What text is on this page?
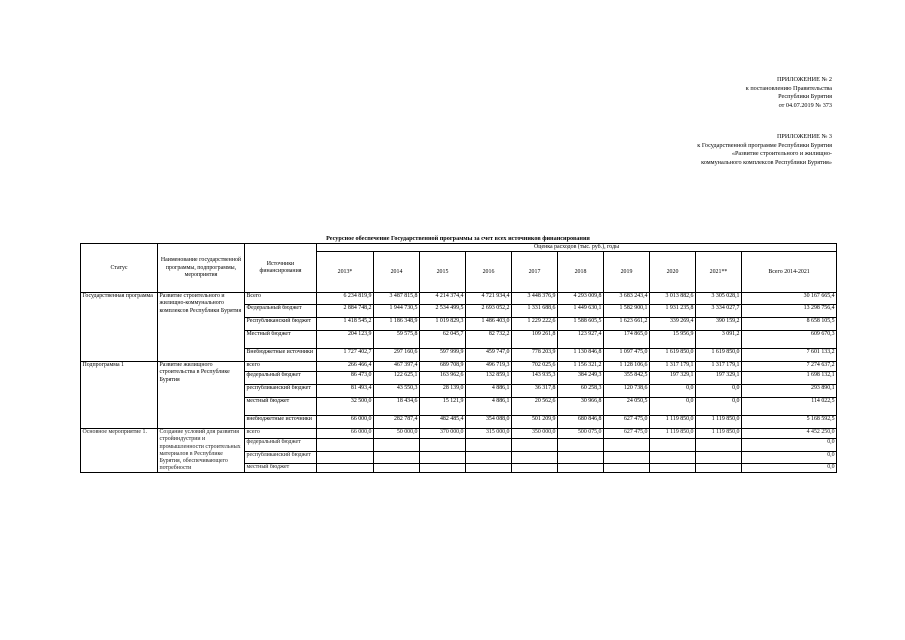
ПРИЛОЖЕНИЕ № 2
к постановлению Правительства
Республики Бурятия
от 04.07.2019 № 373
ПРИЛОЖЕНИЕ № 3
к Государственной программе Республики Бурятия
«Развитие строительного и жилищно-
коммунального комплексов Республики Бурятия»
Ресурсное обеспечение Государственной программы за счет всех источников финансирования
Статус	Наименование государственной программы, подпрограммы, мероприятия	Источники финансирования	Оценка расходов (тыс. руб.), годы									
			2013*	2014	2015	2016	2017	2018	2019	2020	2021**	Всего 2014-2021
Государственная программа	Развитие строительного и жилищно-коммунального комплексов Республики Бурятия	Всего	6 234 819,9	3 487 815,8	4 214 374,4	4 721 934,4	3 448 376,9	4 293 009,8	3 683 243,4	3 013 882,6	3 305 028,1	30 167 665,4
		Федеральный бюджет	2 884 748,2	1 944 730,5	2 534 499,5	2 693 052,2	1 331 688,6	1 449 630,1	1 582 900,1	1 931 235,8	3 334 027,7	13 298 756,4
		Республиканский бюджет	1 418 545,2	1 186 348,9	1 019 829,3	1 486 403,0	1 229 222,6	1 588 605,5	1 623 661,2	339 269,4	390 159,2	8 658 105,5
		Местный бюджет	204 123,9	59 575,8	62 045,7	82 732,2	109 261,8	123 927,4	174 865,0	15 956,9	3 091,2	609 670,3
		Внебюджетные источники	1 727 402,7	297 160,6	597 999,9	459 747,0	778 203,9	1 130 846,8	1 097 475,0	1 619 850,0	1 619 850,0	7 601 133,2
Подпрограмма 1	Развитие жилищного строительства в Республике Бурятия	всего	266 466,4	467 397,4	689 708,9	496 719,3	702 025,6	1 156 321,2	1 128 106,6	1 317 179,1	1 317 179,1	7 274 637,2
		федеральный бюджет	86 473,0	122 625,1	163 962,6	132 859,1	143 935,3	384 249,3	355 842,5	197 329,1	197 329,1	1 698 132,1
		республиканский бюджет	81 493,4	43 550,3	28 139,0	4 886,1	36 317,8	60 258,3	120 738,6	0,0	0,0	293 890,1
		местный бюджет	32 500,0	18 434,6	15 121,9	4 886,1	20 562,6	30 966,8	24 050,5	0,0	0,0	114 022,5
		внебюджетные источники	66 000,0	282 787,4	482 485,4	354 088,0	501 209,9	680 846,8	627 475,0	1 119 850,0	1 119 850,0	5 168 592,5
Основное мероприятие 1.	Создание условий для развития стройиндустрии и промышленности строительных материалов в Республике Бурятия, обеспечивающего потребности	всего	66 000,0	50 000,0	370 000,0	315 000,0	350 000,0	500 075,0	627 475,0	1 119 850,0	1 119 850,0	4 452 250,0
		федеральный бюджет										0,0
		республиканский бюджет										0,0
		местный бюджет										0,0
